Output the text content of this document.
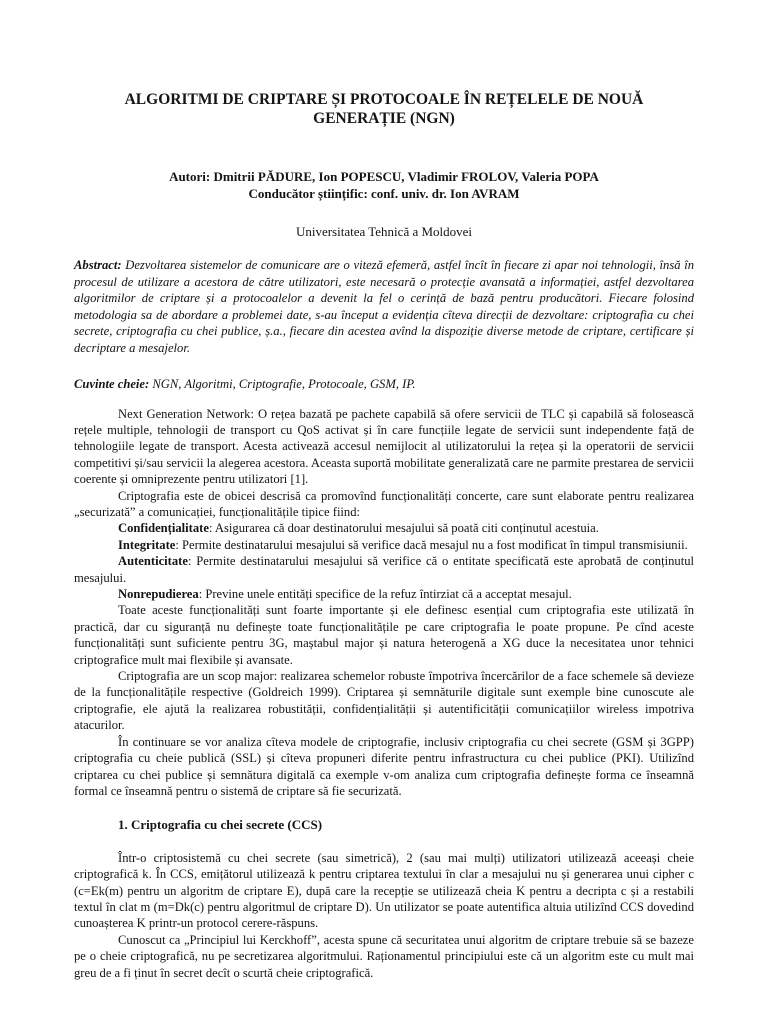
ALGORITMI DE CRIPTARE ȘI PROTOCOALE ÎN REȚELELE DE NOUĂ GENERAȚIE (NGN)
Autori: Dmitrii PĂDURE, Ion POPESCU, Vladimir FROLOV, Valeria POPA
Conducător științific: conf. univ. dr. Ion AVRAM
Universitatea Tehnică a Moldovei
Abstract: Dezvoltarea sistemelor de comunicare are o viteză efemeră, astfel încît în fiecare zi apar noi tehnologii, însă în procesul de utilizare a acestora de către utilizatori, este necesară o protecție avansată a informației, astfel dezvoltarea algoritmilor de criptare și a protocoalelor a devenit la fel o cerință de bază pentru producători. Fiecare folosind metodologia sa de abordare a problemei date, s-au început a evidenția cîteva direcții de dezvoltare: criptografia cu chei secrete, criptografia cu chei publice, ș.a., fiecare din acestea avînd la dispoziție diverse metode de criptare, certificare și decriptare a mesajelor.
Cuvinte cheie: NGN, Algoritmi, Criptografie, Protocoale, GSM, IP.

Next Generation Network: O rețea bazată pe pachete capabilă să ofere servicii de TLC și capabilă să folosească rețele multiple, tehnologii de transport cu QoS activat și în care funcțiile legate de servicii sunt independente față de tehnologiile legate de transport. Acesta activează accesul nemijlocit al utilizatorului la rețea și la operatorii de servicii competitivi și/sau servicii la alegerea acestora. Aceasta suportă mobilitate generalizată care ne parmite prestarea de servicii coerente și omniprezente pentru utilizatori [1].

Criptografia este de obicei descrisă ca promovînd funcționalități concerte, care sunt elaborate pentru realizarea „securizată” a comunicației, funcționalitățile tipice fiind:

Confidențialitate: Asigurarea că doar destinatorului mesajului să poată citi conținutul acestuia.

Integritate: Permite destinatarului mesajului să verifice dacă mesajul nu a fost modificat în timpul transmisiunii.

Autenticitate: Permite destinatarului mesajului să verifice că o entitate specificată este aprobată de conținutul mesajului.

Nonrepudierea: Previne unele entități specifice de la refuz întirziat că a acceptat mesajul.

Toate aceste funcționalități sunt foarte importante și ele definesc esențial cum criptografia este utilizată în practică, dar cu siguranță nu definește toate funcționalitățile pe care criptografia le poate propune. Pe cînd aceste funcționalități sunt suficiente pentru 3G, maștabul major și natura heterogenă a XG duce la necesitatea unor tehnici criptografice mult mai flexibile și avansate.

Criptografia are un scop major: realizarea schemelor robuste împotriva încercărilor de a face schemele să devieze de la funcționalitățile respective (Goldreich 1999). Criptarea și semnăturile digitale sunt exemple bine cunoscute ale criptografie, ele ajută la realizarea robustității, confidențialității și autentificității comunicațiilor wireless impotriva atacurilor.

În continuare se vor analiza cîteva modele de criptografie, inclusiv criptografia cu chei secrete (GSM și 3GPP) criptografia cu cheie publică (SSL) și cîteva propuneri diferite pentru infrastructura cu chei publice (PKI). Utilizînd criptarea cu chei publice și semnătura digitală ca exemple v-om analiza cum criptografia definește forma ce înseamnă formal ce înseamnă pentru o sistemă de criptare să fie securizată.

1. Criptografia cu chei secrete (CCS)

Într-o criptosistemă cu chei secrete (sau simetrică), 2 (sau mai mulți) utilizatori utilizează aceeași cheie criptografică k. În CCS, emițătorul utilizează k pentru criptarea textului în clar a mesajului nu și generarea unui cipher c (c=Ek(m) pentru un algoritm de criptare E), după care la recepție se utilizează cheia K pentru a decripta c și a restabili textul în clat m (m=Dk(c) pentru algoritmul de criptare D). Un utilizator se poate autentifica altuia utilizînd CCS dovedind cunoașterea K printr-un protocol cerere-răspuns.

Cunoscut ca „Principiul lui Kerckhoff”, acesta spune că securitatea unui algoritm de criptare trebuie să se bazeze pe o cheie criptografică, nu pe secretizarea algoritmului. Raționamentul principiului este că un algoritm este cu mult mai greu de a fi ținut în secret decît o scurtă cheie criptografică.
